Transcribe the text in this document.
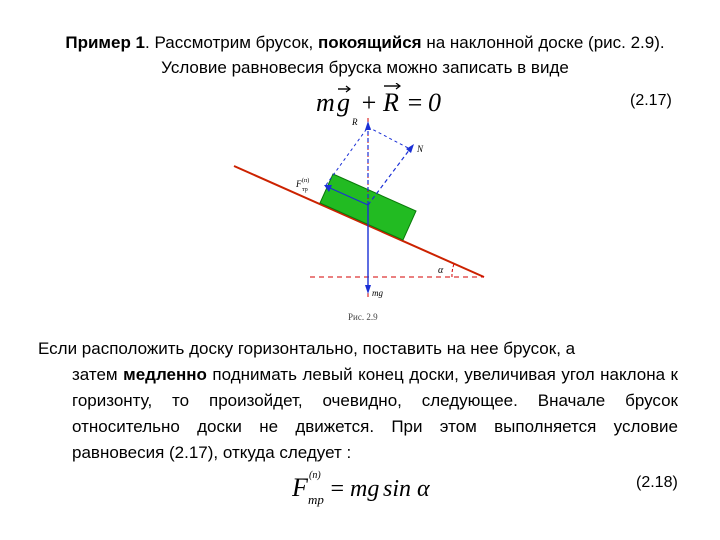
Пример 1. Рассмотрим брусок, покоящийся на наклонной доске (рис. 2.9). Условие равновесия бруска можно записать в виде
m g + R = 0	(2.17)
α
R
N
F (п)
тр
mg
Рис. 2.9
Если расположить доску горизонтально, поставить на нее брусок, а
затем медленно поднимать левый конец доски, увеличивая угол наклона к горизонту, то произойдет, очевидно, следующее. Вначале брусок относительно доски не движется. При этом выполняется условие равновесия (2.17), откуда следует :
F (п)
тр = mg sin α	(2.18)
